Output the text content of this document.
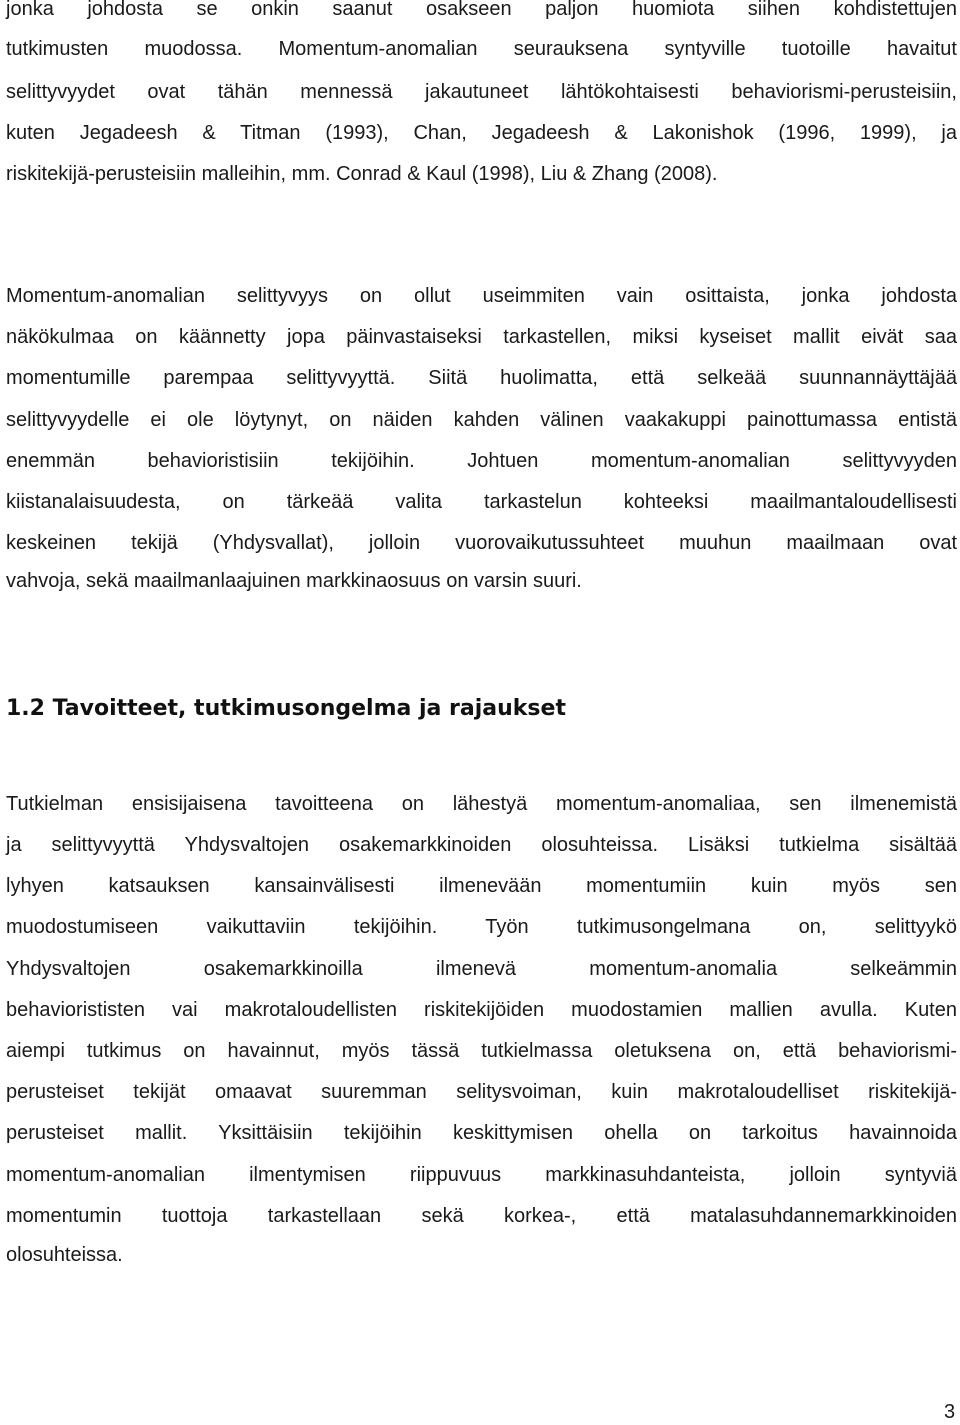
jonka johdosta se onkin saanut osakseen paljon huomiota siihen kohdistettujen
tutkimusten muodossa. Momentum-anomalian seurauksena syntyville tuotoille havaitut
selittyvyydet ovat tähän mennessä jakautuneet lähtökohtaisesti behaviorismi-perusteisiin,
kuten Jegadeesh & Titman (1993), Chan, Jegadeesh & Lakonishok (1996, 1999), ja
riskitekijä-perusteisiin malleihin, mm. Conrad & Kaul (1998), Liu & Zhang (2008).
Momentum-anomalian selittyvyys on ollut useimmiten vain osittaista, jonka johdosta
näkökulmaa on käännetty jopa päinvastaiseksi tarkastellen, miksi kyseiset mallit eivät saa
momentumille parempaa selittyvyyttä. Siitä huolimatta, että selkeää suunnannäyttäjää
selittyvyydelle ei ole löytynyt, on näiden kahden välinen vaakakuppi painottumassa entistä
enemmän behavioristisiin tekijöihin. Johtuen momentum-anomalian selittyvyyden
kiistanalaisuudesta, on tärkeää valita tarkastelun kohteeksi maailmantaloudellisesti
keskeinen tekijä (Yhdysvallat), jolloin vuorovaikutussuhteet muuhun maailmaan ovat
vahvoja, sekä maailmanlaajuinen markkinaosuus on varsin suuri.
1.2 Tavoitteet, tutkimusongelma ja rajaukset
Tutkielman ensisijaisena tavoitteena on lähestyä momentum-anomaliaa, sen ilmenemistä
ja selittyvyyttä Yhdysvaltojen osakemarkkinoiden olosuhteissa. Lisäksi tutkielma sisältää
lyhyen katsauksen kansainvälisesti ilmenevään momentumiin kuin myös sen
muodostumiseen vaikuttaviin tekijöihin. Työn tutkimusongelmana on, selittyykö
Yhdysvaltojen osakemarkkinoilla ilmenevä momentum-anomalia selkeämmin
behaviorististen vai makrotaloudellisten riskitekijöiden muodostamien mallien avulla. Kuten
aiempi tutkimus on havainnut, myös tässä tutkielmassa oletuksena on, että behaviorismi-
perusteiset tekijät omaavat suuremman selitysvoiman, kuin makrotaloudelliset riskitekijä-
perusteiset mallit. Yksittäisiin tekijöihin keskittymisen ohella on tarkoitus havainnoida
momentum-anomalian ilmentymisen riippuvuus markkinasuhdanteista, jolloin syntyviä
momentumin tuottoja tarkastellaan sekä korkea-, että matalasuhdannemarkkinoiden
olosuhteissa.
3
